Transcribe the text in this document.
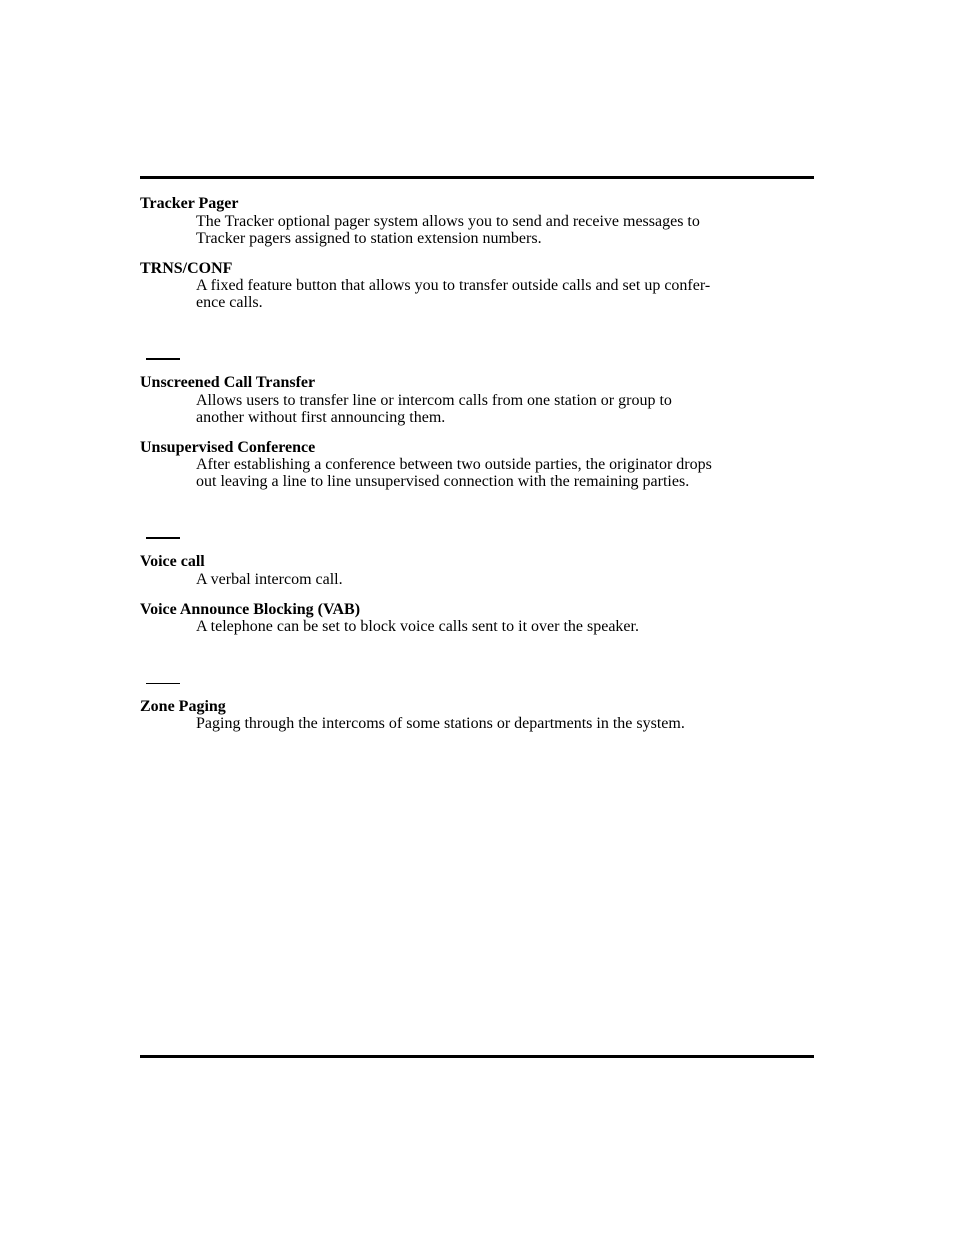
Tracker Pager
The Tracker optional pager system allows you to send and receive messages to
Tracker pagers assigned to station extension numbers.
TRNS/CONF
A fixed feature button that allows you to transfer outside calls and set up confer-
ence calls.
Unscreened Call Transfer
Allows users to transfer line or intercom calls from one station or group to
another without first announcing them.
Unsupervised Conference
After establishing a conference between two outside parties, the originator drops
out leaving a line to line unsupervised connection with the remaining parties.
Voice call
A verbal intercom call.
Voice Announce Blocking (VAB)
A telephone can be set to block voice calls sent to it over the speaker.
Zone Paging
Paging through the intercoms of some stations or departments in the system.
